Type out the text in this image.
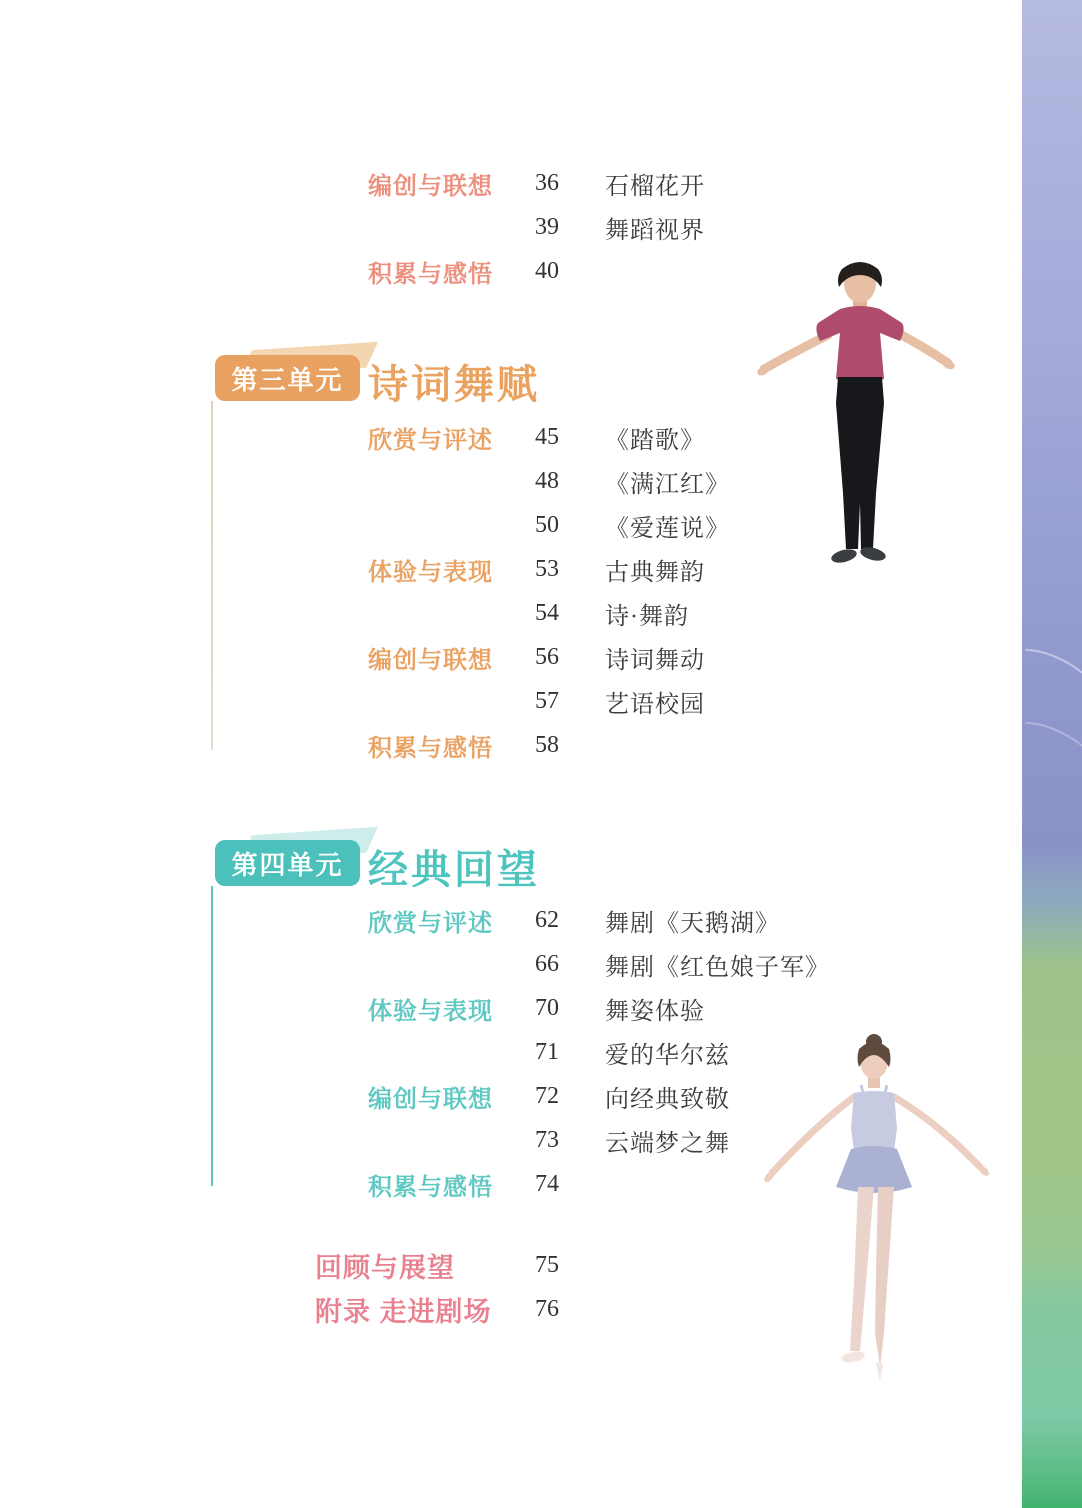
编创与联想	36	石榴花开
39	舞蹈视界
积累与感悟	40
第三单元 诗词舞赋
欣赏与评述	45	《踏歌》
48	《满江红》
50	《爱莲说》
体验与表现	53	古典舞韵
54	诗·舞韵
编创与联想	56	诗词舞动
57	艺语校园
积累与感悟	58
第四单元 经典回望
欣赏与评述	62	舞剧《天鹅湖》
66	舞剧《红色娘子军》
体验与表现	70	舞姿体验
71	爱的华尔兹
编创与联想	72	向经典致敬
73	云端梦之舞
积累与感悟	74
回顾与展望	75
附录 走进剧场	76
